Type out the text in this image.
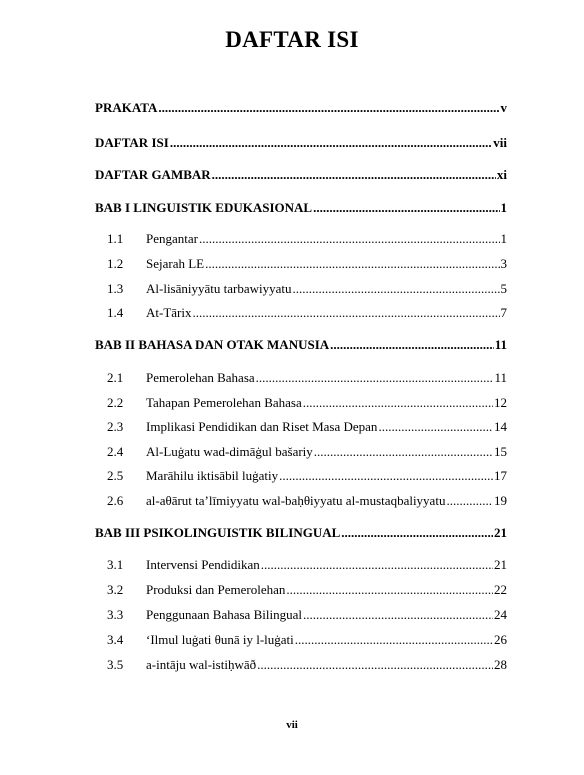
DAFTAR ISI
PRAKATA .....	v
DAFTAR ISI .....	vii
DAFTAR GAMBAR .....	xi
BAB I LINGUISTIK EDUKASIONAL .....	1
1.1	Pengantar .....	1
1.2	Sejarah LE .....	3
1.3	Al-lisāniyyātu tarbawiyyatu .....	5
1.4	At-Tārix .....	7
BAB II BAHASA DAN OTAK MANUSIA .....	11
2.1	Pemerolehan Bahasa .....	11
2.2	Tahapan Pemerolehan Bahasa .....	12
2.3	Implikasi Pendidikan dan Riset Masa Depan .....	14
2.4	Al-Luġatu wad-dimāġul bašariy .....	15
2.5	Marāhilu iktisābil luġatiy .....	17
2.6	al-aθārut ta’līmiyyatu wal-baḥθiyyatu al-mustaqbaliyyatu .....	19
BAB III PSIKOLINGUISTIK BILINGUAL .....	21
3.1	Intervensi Pendidikan .....	21
3.2	Produksi dan Pemerolehan .....	22
3.3	Penggunaan Bahasa Bilingual .....	24
3.4	‘Ilmul luġati θunā iy l-luġati .....	26
3.5	a-intāju wal-istiḥwāð .....	28
vii
